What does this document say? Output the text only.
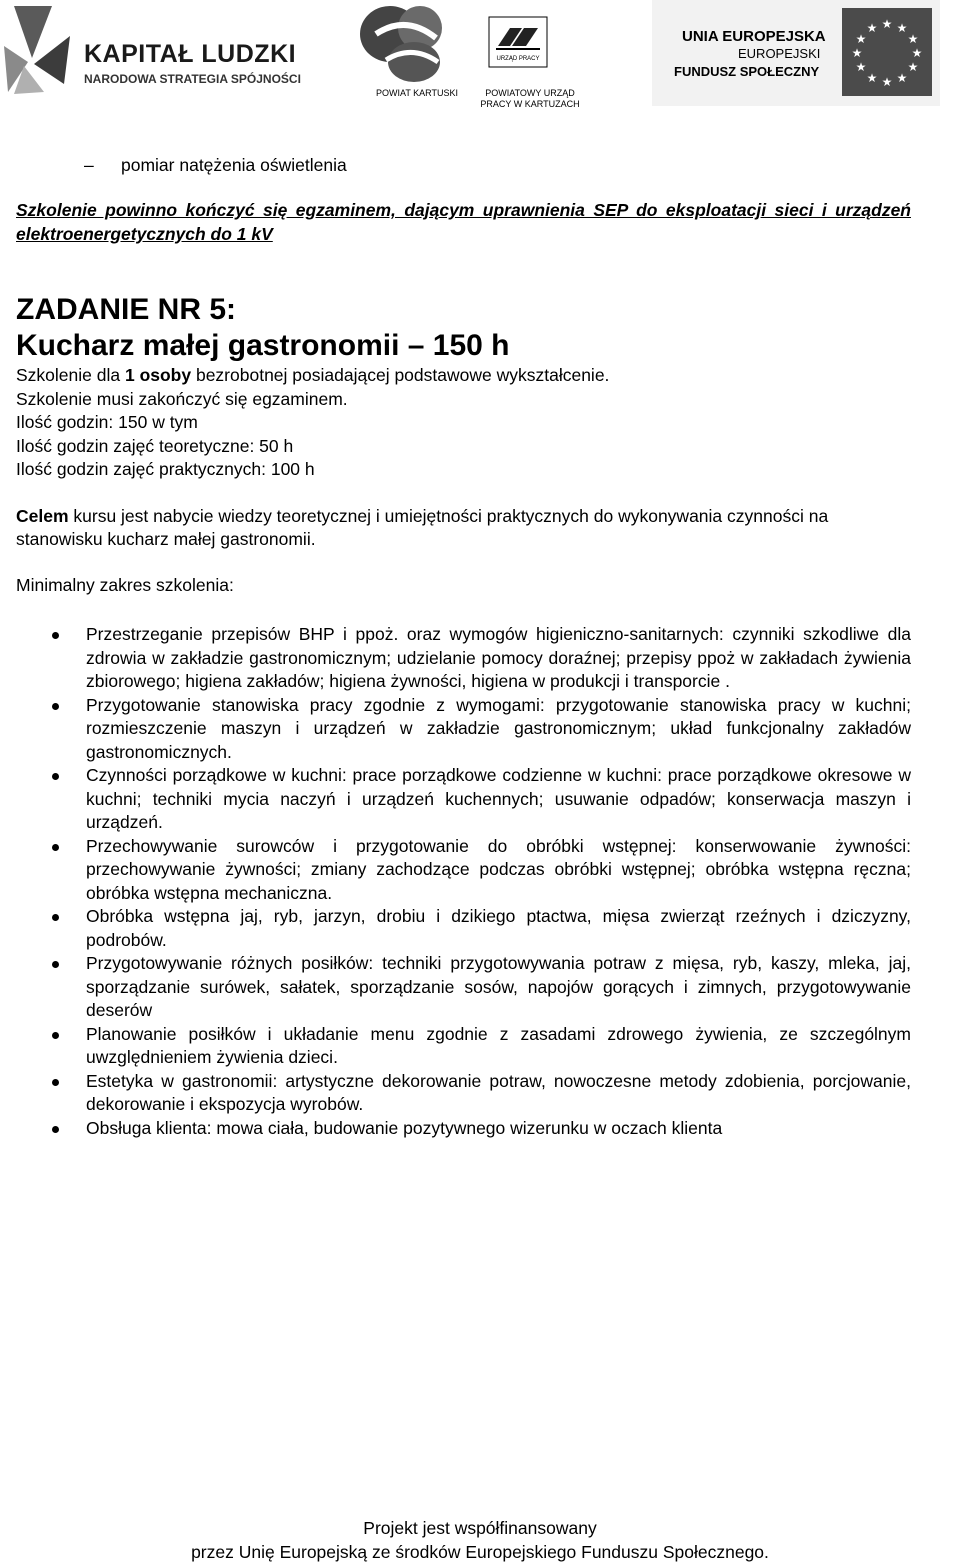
KAPITAŁ LUDZKI
NARODOWA STRATEGIA SPÓJNOŚCI
POWIAT KARTUSKI
URZĄD PRACY
POWIATOWY URZĄD PRACY W KARTUZACH
UNIA EUROPEJSKA
EUROPEJSKI
FUNDUSZ SPOŁECZNY
★ ★
★
★
★
★
★
★
★
★
★
★
– pomiar natężenia oświetlenia
Szkolenie powinno kończyć się egzaminem, dającym uprawnienia SEP do eksploatacji sieci i urządzeń elektroenergetycznych do 1 kV
ZADANIE NR 5:
Kucharz małej gastronomii – 150 h

Szkolenie dla 1 osoby bezrobotnej posiadającej podstawowe wykształcenie.

Szkolenie musi zakończyć się egzaminem.

Ilość godzin: 150 w tym

Ilość godzin zajęć teoretyczne: 50 h

Ilość godzin zajęć praktycznych: 100 h

Celem kursu jest nabycie wiedzy teoretycznej i umiejętności praktycznych do wykonywania czynności na stanowisku kucharz małej gastronomii.

Minimalny zakres szkolenia:

Przestrzeganie przepisów BHP i ppoż. oraz wymogów higieniczno-sanitarnych: czynniki szkodliwe dla zdrowia w zakładzie gastronomicznym; udzielanie pomocy doraźnej; przepisy ppoż w zakładach żywienia zbiorowego; higiena zakładów; higiena żywności, higiena w produkcji i transporcie .
Przygotowanie stanowiska pracy zgodnie z wymogami: przygotowanie stanowiska pracy w kuchni; rozmieszczenie maszyn i urządzeń w zakładzie gastronomicznym; układ funkcjonalny zakładów gastronomicznych.
Czynności porządkowe w kuchni: prace porządkowe codzienne w kuchni: prace porządkowe okresowe w kuchni; techniki mycia naczyń i urządzeń kuchennych; usuwanie odpadów; konserwacja maszyn i urządzeń.
Przechowywanie surowców i przygotowanie do obróbki wstępnej: konserwowanie żywności: przechowywanie żywności; zmiany zachodzące podczas obróbki wstępnej; obróbka wstępna ręczna; obróbka wstępna mechaniczna.
Obróbka wstępna jaj, ryb, jarzyn, drobiu i dzikiego ptactwa, mięsa zwierząt rzeźnych i dziczyzny, podrobów.
Przygotowywanie różnych posiłków: techniki przygotowywania potraw z mięsa, ryb, kaszy, mleka, jaj, sporządzanie surówek, sałatek, sporządzanie sosów, napojów gorących i zimnych, przygotowywanie deserów
Planowanie posiłków i układanie menu zgodnie z zasadami zdrowego żywienia, ze szczególnym uwzględnieniem żywienia dzieci.
Estetyka w gastronomii: artystyczne dekorowanie potraw, nowoczesne metody zdobienia, porcjowanie, dekorowanie i ekspozycja wyrobów.
Obsługa klienta: mowa ciała, budowanie pozytywnego wizerunku w oczach klienta
Projekt jest współfinansowany
przez Unię Europejską ze środków Europejskiego Funduszu Społecznego.
